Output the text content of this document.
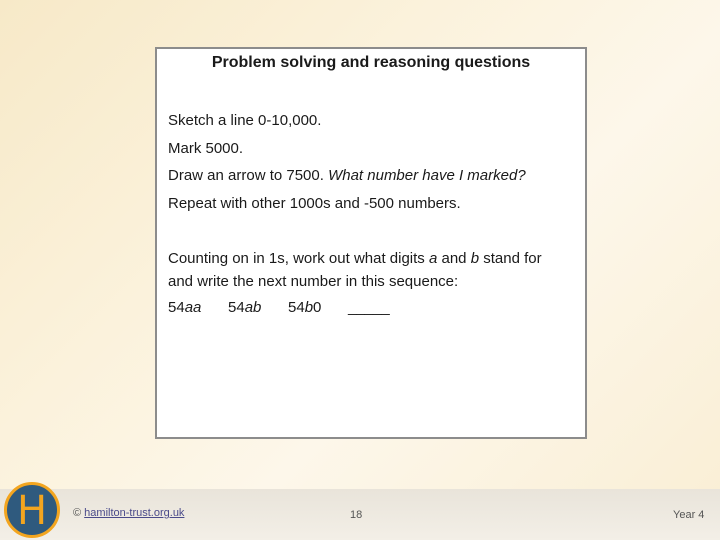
Problem solving and reasoning questions
Sketch a line 0-10,000.
Mark 5000.
Draw an arrow to 7500. What number have I marked?
Repeat with other 1000s and -500 numbers.
Counting on in 1s, work out what digits a and b stand for
and write the next number in this sequence:
54aa 54ab 54b0 _____
H	© hamilton-trust.org.uk	18	Year 4
